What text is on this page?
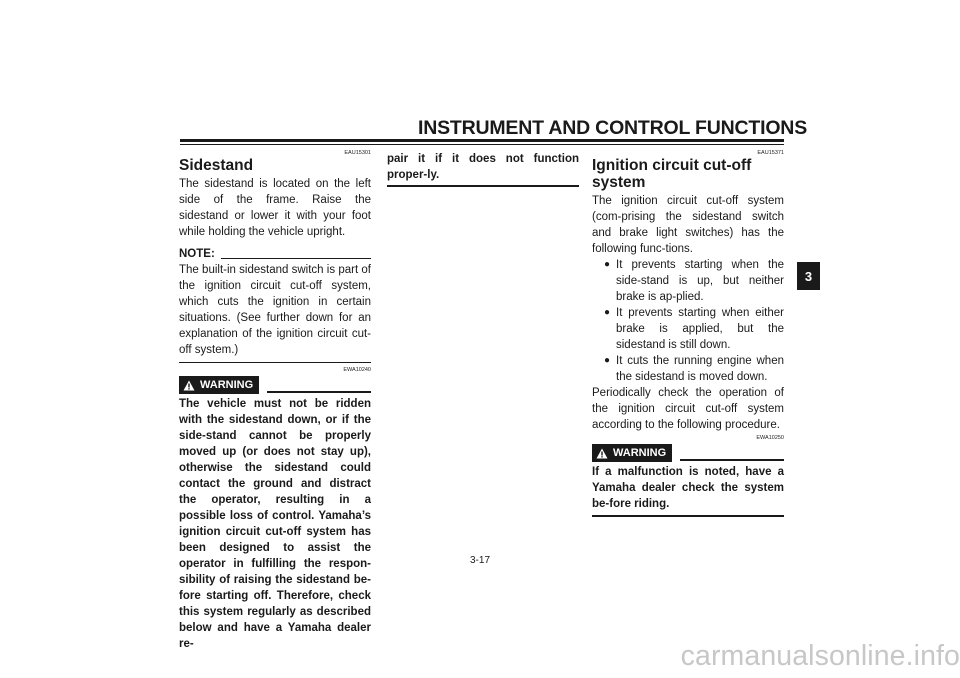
INSTRUMENT AND CONTROL FUNCTIONS
EAU15301
Sidestand

The sidestand is located on the left side of the frame. Raise the sidestand or lower it with your foot while holding the vehicle upright.

NOTE:

The built-in sidestand switch is part of the ignition circuit cut-off system, which cuts the ignition in certain situations. (See further down for an explanation of the ignition circuit cut-off system.)

EWA10240
WARNING

The vehicle must not be ridden with the sidestand down, or if the side-stand cannot be properly moved up (or does not stay up), otherwise the sidestand could contact the ground and distract the operator, resulting in a possible loss of control. Yamaha’s ignition circuit cut-off system has been designed to assist the operator in fulfilling the respon-sibility of raising the sidestand be-fore starting off. Therefore, check this system regularly as described below and have a Yamaha dealer re-

pair it if it does not function proper-ly.

EAU15371
Ignition circuit cut-off system

The ignition circuit cut-off system (com-prising the sidestand switch and brake light switches) has the following func-tions.

● It prevents starting when the side-stand is up, but neither brake is ap-plied.
● It prevents starting when either brake is applied, but the sidestand is still down.
● It cuts the running engine when the sidestand is moved down.

Periodically check the operation of the ignition circuit cut-off system according to the following procedure.

EWA10250
WARNING

If a malfunction is noted, have a Yamaha dealer check the system be-fore riding.

3
3-17
carmanualsonline.info
